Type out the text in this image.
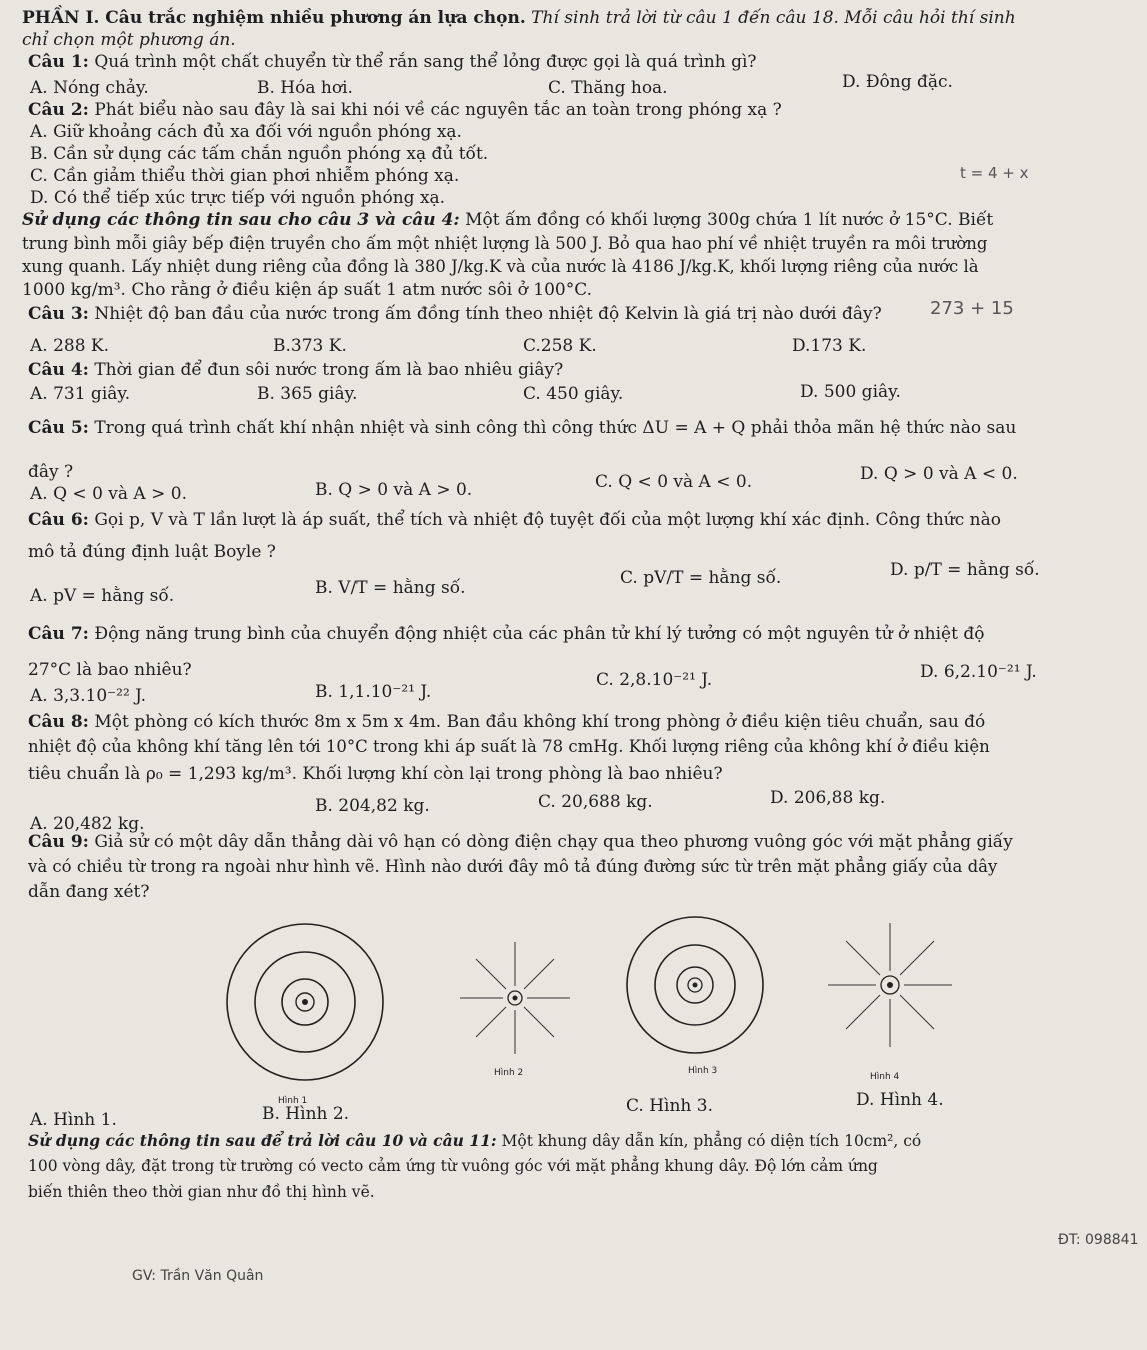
PHẦN I. Câu trắc nghiệm nhiều phương án lựa chọn. Thí sinh trả lời từ câu 1 đến câu 18. Mỗi câu hỏi thí sinh
chỉ chọn một phương án.
Câu 1: Quá trình một chất chuyển từ thể rắn sang thể lỏng được gọi là quá trình gì?
A. Nóng chảy.	B. Hóa hơi.	C. Thăng hoa.	D. Đông đặc.
Câu 2: Phát biểu nào sau đây là sai khi nói về các nguyên tắc an toàn trong phóng xạ ?
A. Giữ khoảng cách đủ xa đối với nguồn phóng xạ.
B. Cần sử dụng các tấm chắn nguồn phóng xạ đủ tốt.
C. Cần giảm thiểu thời gian phơi nhiễm phóng xạ.
D. Có thể tiếp xúc trực tiếp với nguồn phóng xạ.
t = 4 + x
Sử dụng các thông tin sau cho câu 3 và câu 4: Một ấm đồng có khối lượng 300g chứa 1 lít nước ở 15°C. Biết
trung bình mỗi giây bếp điện truyền cho ấm một nhiệt lượng là 500 J. Bỏ qua hao phí về nhiệt truyền ra môi trường
xung quanh. Lấy nhiệt dung riêng của đồng là 380 J/kg.K và của nước là 4186 J/kg.K, khối lượng riêng của nước là
1000 kg/m³. Cho rằng ở điều kiện áp suất 1 atm nước sôi ở 100°C.
Câu 3: Nhiệt độ ban đầu của nước trong ấm đồng tính theo nhiệt độ Kelvin là giá trị nào dưới đây?	273 + 15
A. 288 K.	B.373 K.	C.258 K.	D.173 K.
Câu 4: Thời gian để đun sôi nước trong ấm là bao nhiêu giây?
A. 731 giây.	B. 365 giây.	C. 450 giây.	D. 500 giây.
Câu 5: Trong quá trình chất khí nhận nhiệt và sinh công thì công thức ΔU = A + Q phải thỏa mãn hệ thức nào sau
đây ?
A. Q < 0 và A > 0.	B. Q > 0 và A > 0.	C. Q < 0 và A < 0.	D. Q > 0 và A < 0.
Câu 6: Gọi p, V và T lần lượt là áp suất, thể tích và nhiệt độ tuyệt đối của một lượng khí xác định. Công thức nào
mô tả đúng định luật Boyle ?
A. pV = hằng số.	B. V/T = hằng số.	C. pV/T = hằng số.	D. p/T = hằng số.
Câu 7: Động năng trung bình của chuyển động nhiệt của các phân tử khí lý tưởng có một nguyên tử ở nhiệt độ
27°C là bao nhiêu?
A. 3,3.10⁻²² J.	B. 1,1.10⁻²¹ J.
C. 2,8.10⁻²¹ J.	D. 6,2.10⁻²¹ J.
Câu 8: Một phòng có kích thước 8m x 5m x 4m. Ban đầu không khí trong phòng ở điều kiện tiêu chuẩn, sau đó
nhiệt độ của không khí tăng lên tới 10°C trong khi áp suất là 78 cmHg. Khối lượng riêng của không khí ở điều kiện
tiêu chuẩn là ρ₀ = 1,293 kg/m³. Khối lượng khí còn lại trong phòng là bao nhiêu?
A. 20,482 kg.
B. 204,82 kg.	C. 20,688 kg.	D. 206,88 kg.
Câu 9: Giả sử có một dây dẫn thẳng dài vô hạn có dòng điện chạy qua theo phương vuông góc với mặt phẳng giấy
và có chiều từ trong ra ngoài như hình vẽ. Hình nào dưới đây mô tả đúng đường sức từ trên mặt phẳng giấy của dây
dẫn đang xét?
Hình 1
Hình 2	Hình 3
Hình 4
A. Hình 1.	B. Hình 2.	C. Hình 3.	D. Hình 4.
Sử dụng các thông tin sau để trả lời câu 10 và câu 11: Một khung dây dẫn kín, phẳng có diện tích 10cm², có
100 vòng dây, đặt trong từ trường có vecto cảm ứng từ vuông góc với mặt phẳng khung dây. Độ lớn cảm ứng
biến thiên theo thời gian như đồ thị hình vẽ.
GV: Trần Văn Quân
ĐT: 098841
